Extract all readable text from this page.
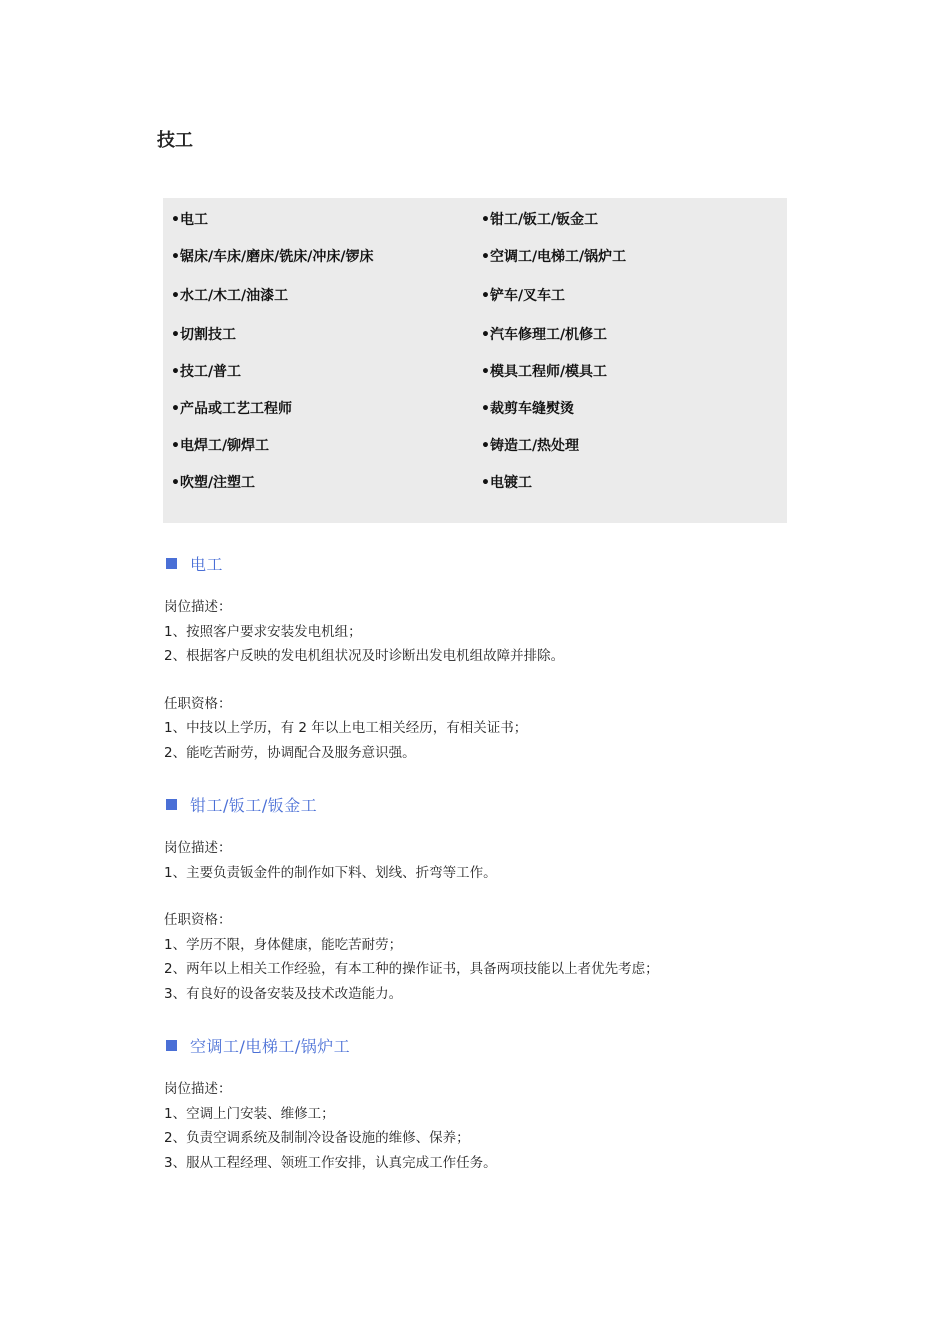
技工
•电工
•锯床/车床/磨床/铣床/冲床/锣床
•水工/木工/油漆工
•切割技工
•技工/普工
•产品或工艺工程师
•电焊工/铆焊工
•吹塑/注塑工
•钳工/钣工/钣金工
•空调工/电梯工/锅炉工
•铲车/叉车工
•汽车修理工/机修工
•模具工程师/模具工
•裁剪车缝熨烫
•铸造工/热处理
•电镀工
电工
岗位描述：
1、按照客户要求安装发电机组；
2、根据客户反映的发电机组状况及时诊断出发电机组故障并排除。
任职资格：
1、中技以上学历，有 2 年以上电工相关经历，有相关证书；
2、能吃苦耐劳，协调配合及服务意识强。
钳工/钣工/钣金工
岗位描述：
1、主要负责钣金件的制作如下料、划线、折弯等工作。
任职资格：
1、学历不限，身体健康，能吃苦耐劳；
2、两年以上相关工作经验，有本工种的操作证书，具备两项技能以上者优先考虑；
3、有良好的设备安装及技术改造能力。
空调工/电梯工/锅炉工
岗位描述：
1、空调上门安装、维修工；
2、负责空调系统及制制冷设备设施的维修、保养；
3、服从工程经理、领班工作安排，认真完成工作任务。
